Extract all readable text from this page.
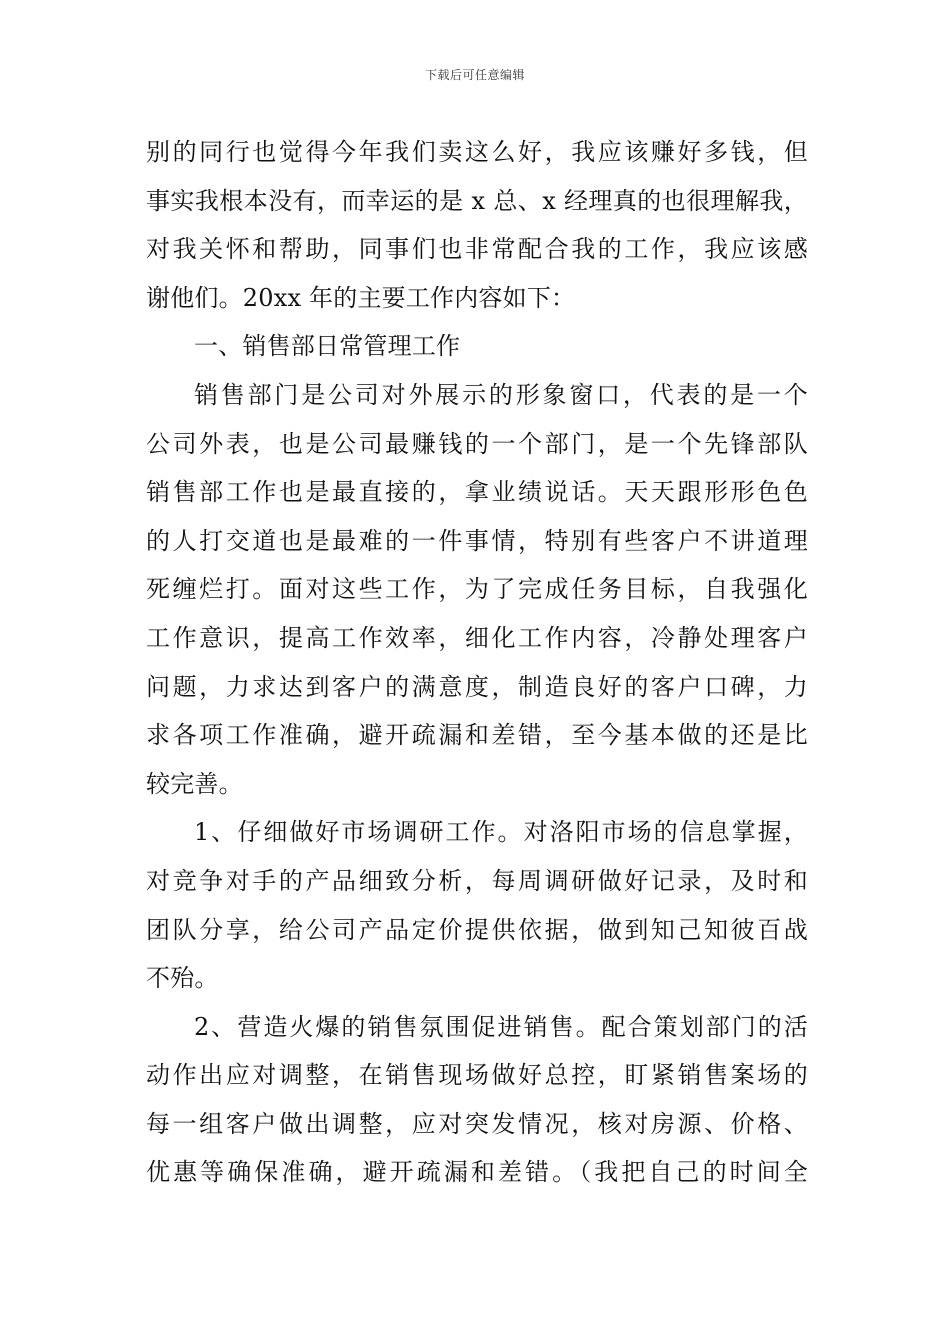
下载后可任意编辑
别的同行也觉得今年我们卖这么好，我应该赚好多钱，但
事实我根本没有，而幸运的是 x 总、x 经理真的也很理解我，
对我关怀和帮助，同事们也非常配合我的工作，我应该感
谢他们。20xx 年的主要工作内容如下：
一、销售部日常管理工作
销售部门是公司对外展示的形象窗口，代表的是一个
公司外表，也是公司最赚钱的一个部门，是一个先锋部队
销售部工作也是最直接的，拿业绩说话。天天跟形形色色
的人打交道也是最难的一件事情，特别有些客户不讲道理
死缠烂打。面对这些工作，为了完成任务目标，自我强化
工作意识，提高工作效率，细化工作内容，冷静处理客户
问题，力求达到客户的满意度，制造良好的客户口碑，力
求各项工作准确，避开疏漏和差错，至今基本做的还是比
较完善。
1、仔细做好市场调研工作。对洛阳市场的信息掌握，
对竞争对手的产品细致分析，每周调研做好记录，及时和
团队分享，给公司产品定价提供依据，做到知己知彼百战
不殆。
2、营造火爆的销售氛围促进销售。配合策划部门的活
动作出应对调整，在销售现场做好总控，盯紧销售案场的
每一组客户做出调整，应对突发情况，核对房源、价格、
优惠等确保准确，避开疏漏和差错。（我把自己的时间全
